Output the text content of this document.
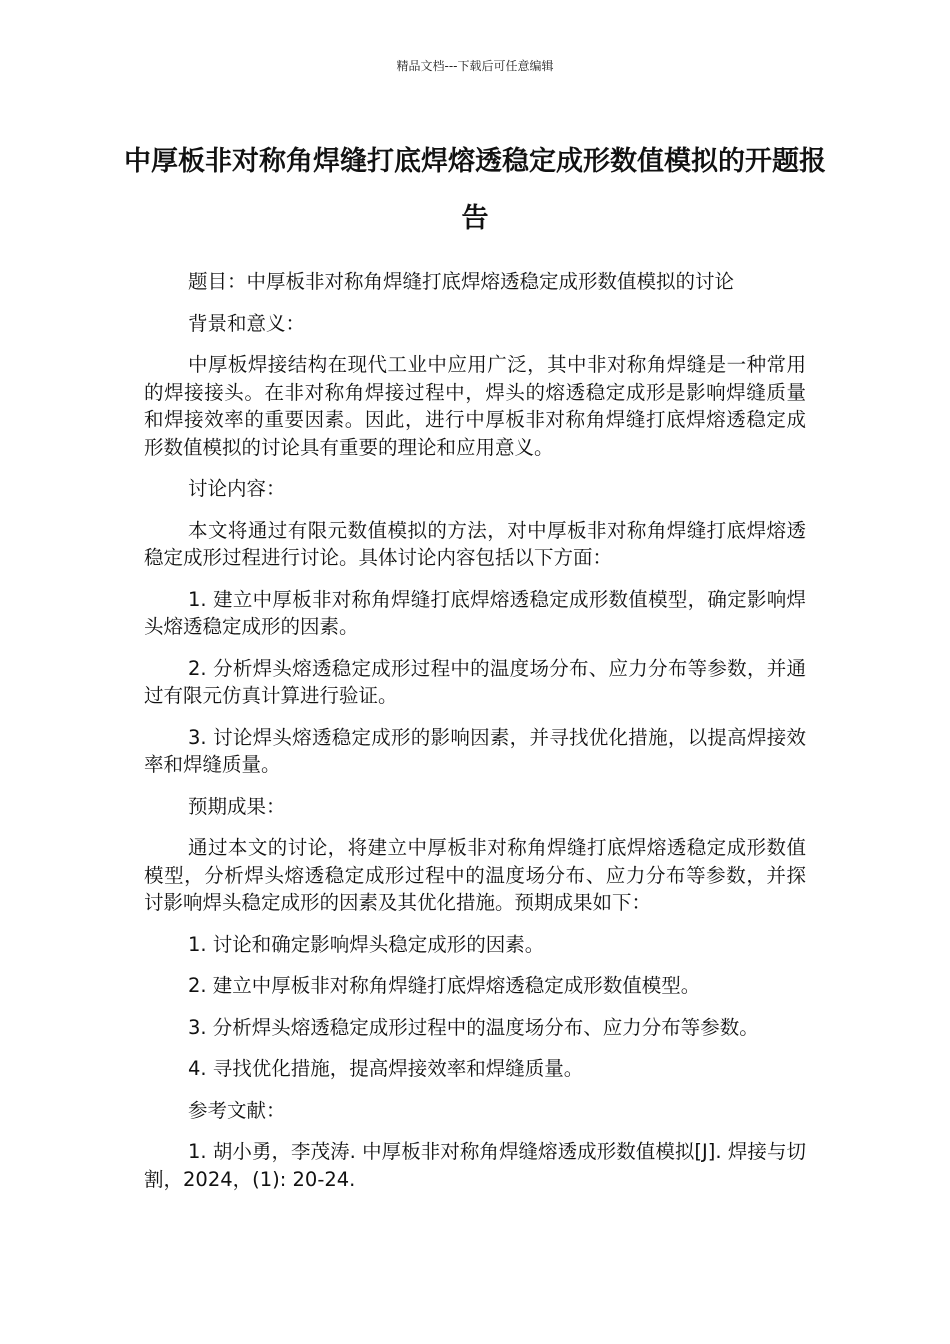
精品文档---下载后可任意编辑
中厚板非对称角焊缝打底焊熔透稳定成形数值模拟的开题报告

题目：中厚板非对称角焊缝打底焊熔透稳定成形数值模拟的讨论

背景和意义：

中厚板焊接结构在现代工业中应用广泛，其中非对称角焊缝是一种常用的焊接接头。在非对称角焊接过程中，焊头的熔透稳定成形是影响焊缝质量和焊接效率的重要因素。因此，进行中厚板非对称角焊缝打底焊熔透稳定成形数值模拟的讨论具有重要的理论和应用意义。

讨论内容：

本文将通过有限元数值模拟的方法，对中厚板非对称角焊缝打底焊熔透稳定成形过程进行讨论。具体讨论内容包括以下方面：

1. 建立中厚板非对称角焊缝打底焊熔透稳定成形数值模型，确定影响焊头熔透稳定成形的因素。

2. 分析焊头熔透稳定成形过程中的温度场分布、应力分布等参数，并通过有限元仿真计算进行验证。

3. 讨论焊头熔透稳定成形的影响因素，并寻找优化措施，以提高焊接效率和焊缝质量。

预期成果：

通过本文的讨论，将建立中厚板非对称角焊缝打底焊熔透稳定成形数值模型，分析焊头熔透稳定成形过程中的温度场分布、应力分布等参数，并探讨影响焊头稳定成形的因素及其优化措施。预期成果如下：

1. 讨论和确定影响焊头稳定成形的因素。

2. 建立中厚板非对称角焊缝打底焊熔透稳定成形数值模型。

3. 分析焊头熔透稳定成形过程中的温度场分布、应力分布等参数。

4. 寻找优化措施，提高焊接效率和焊缝质量。

参考文献：

1. 胡小勇，李茂涛. 中厚板非对称角焊缝熔透成形数值模拟[J]. 焊接与切割，2024，(1): 20-24.
